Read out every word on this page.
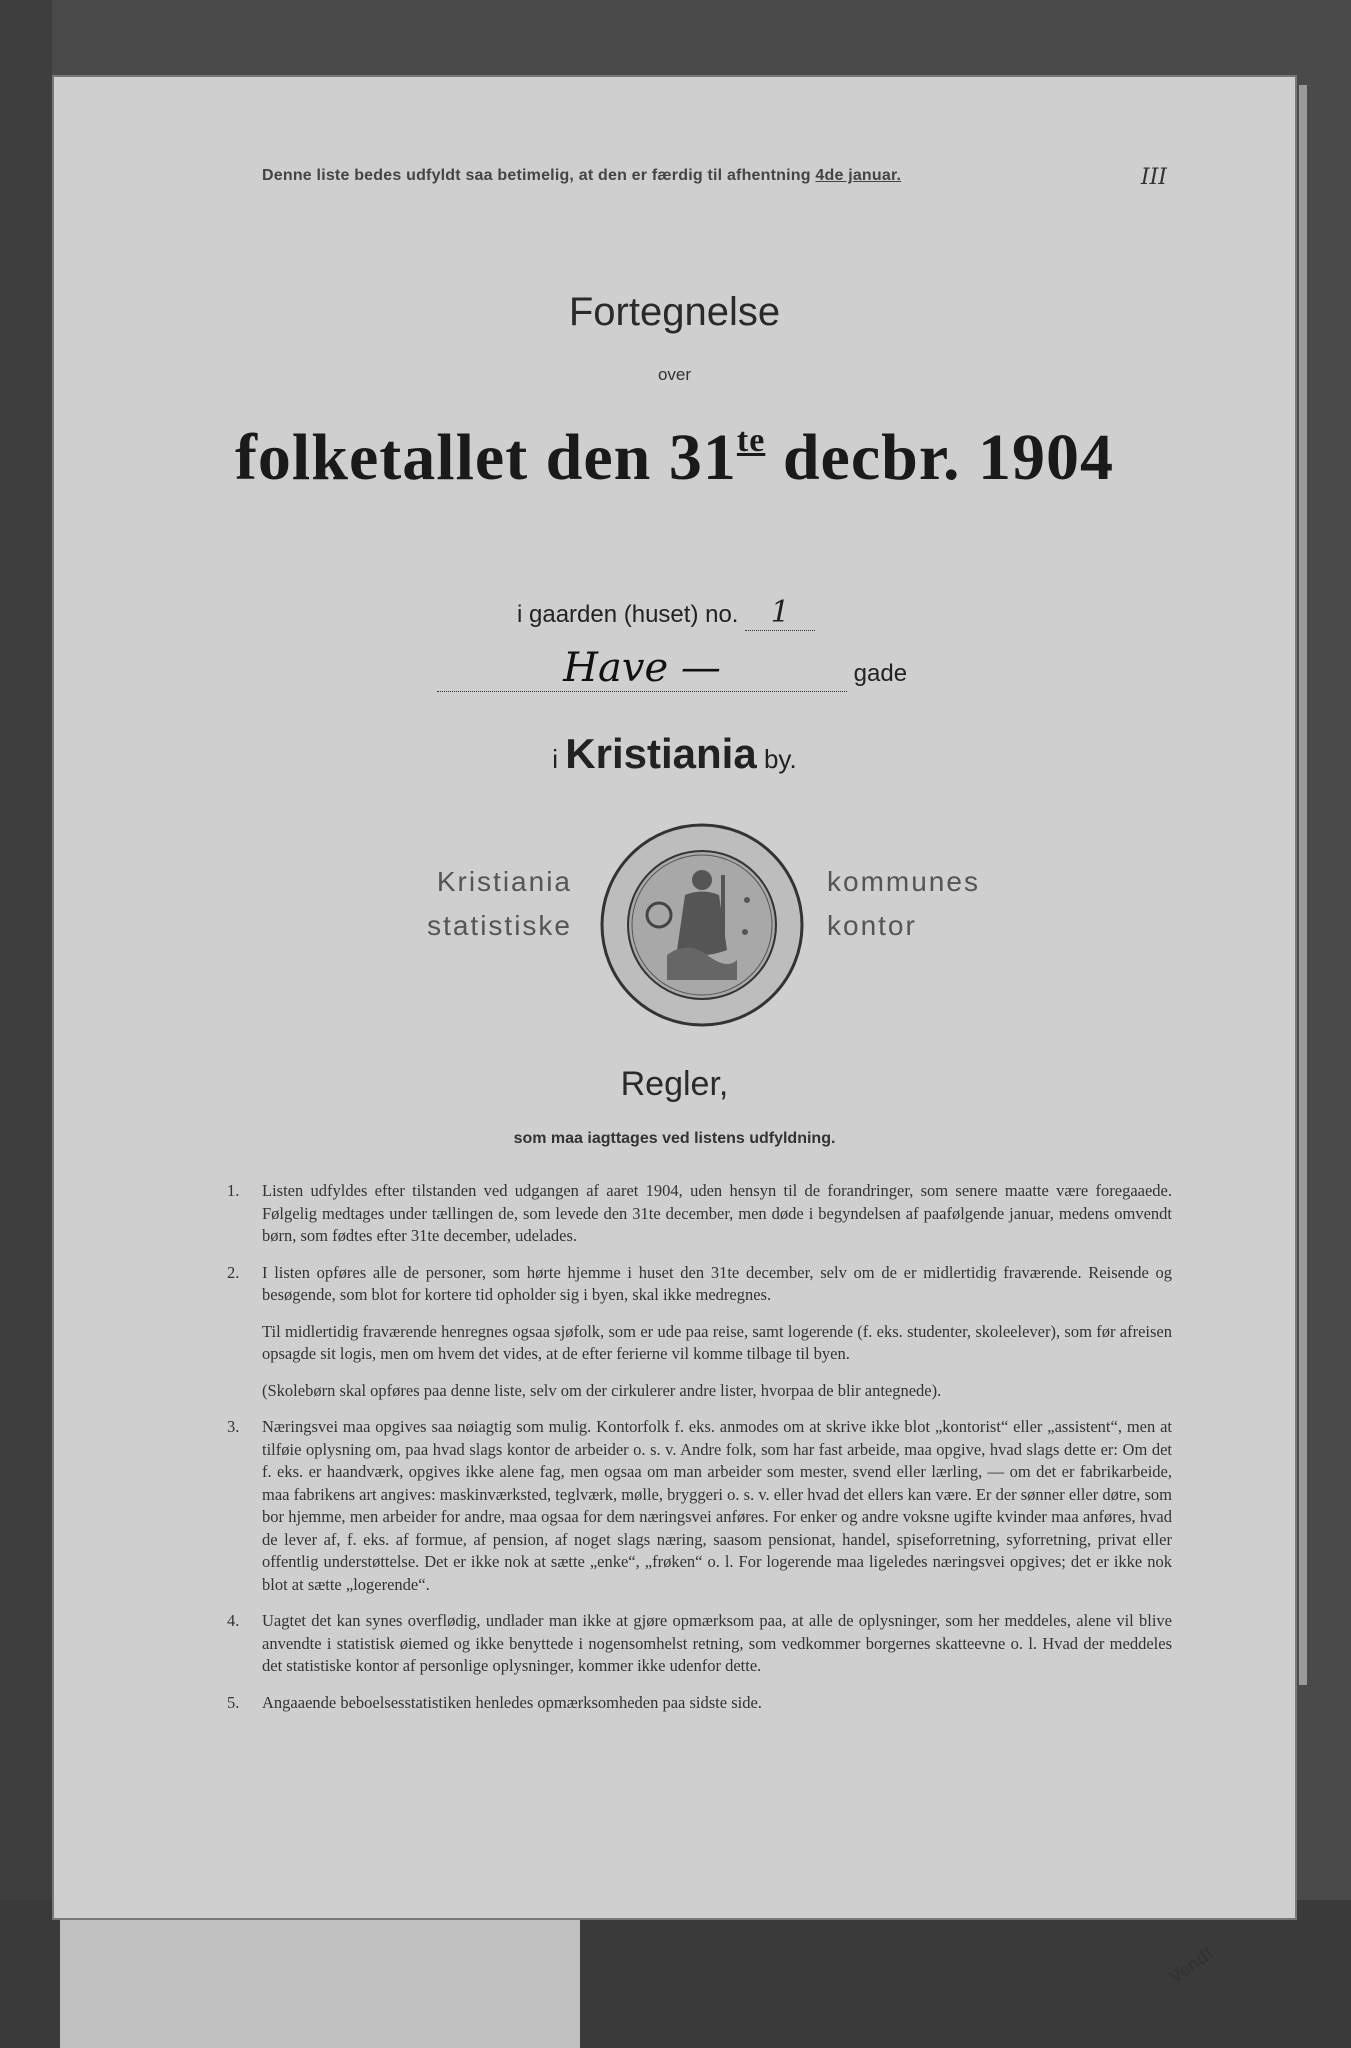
Denne liste bedes udfyldt saa betimelig, at den er færdig til afhentning 4de januar.	III
Fortegnelse
over
folketallet den $31^{te}$ decbr. 1904
i gaarden (huset) no. 1
Have —	gade
i Kristiania by.
Kristiania
statistiske
kommunes
kontor
Regler,
som maa iagttages ved listens udfyldning.
1. Listen udfyldes efter tilstanden ved udgangen af aaret 1904, uden hensyn til de forandringer, som senere maatte være foregaaede. Følgelig medtages under tællingen de, som levede den 31te december, men døde i begyndelsen af paafølgende januar, medens omvendt børn, som fødtes efter 31te december, udelades.

2. I listen opføres alle de personer, som hørte hjemme i huset den 31te december, selv om de er midlertidig fraværende. Reisende og besøgende, som blot for kortere tid opholder sig i byen, skal ikke medregnes.

Til midlertidig fraværende henregnes ogsaa sjøfolk, som er ude paa reise, samt logerende (f. eks. studenter, skoleelever), som før afreisen opsagde sit logis, men om hvem det vides, at de efter ferierne vil komme tilbage til byen.

(Skolebørn skal opføres paa denne liste, selv om der cirkulerer andre lister, hvorpaa de blir antegnede).

3. Næringsvei maa opgives saa nøiagtig som mulig. Kontorfolk f. eks. anmodes om at skrive ikke blot „kontorist“ eller „assistent“, men at tilføie oplysning om, paa hvad slags kontor de arbeider o. s. v. Andre folk, som har fast arbeide, maa opgive, hvad slags dette er: Om det f. eks. er haandværk, opgives ikke alene fag, men ogsaa om man arbeider som mester, svend eller lærling, — om det er fabrikarbeide, maa fabrikens art angives: maskinværksted, teglværk, mølle, bryggeri o. s. v. eller hvad det ellers kan være. Er der sønner eller døtre, som bor hjemme, men arbeider for andre, maa ogsaa for dem næringsvei anføres. For enker og andre voksne ugifte kvinder maa anføres, hvad de lever af, f. eks. af formue, af pension, af noget slags næring, saasom pensionat, handel, spiseforretning, syforretning, privat eller offentlig understøttelse. Det er ikke nok at sætte „enke“, „frøken“ o. l. For logerende maa ligeledes næringsvei opgives; det er ikke nok blot at sætte „logerende“.

4. Uagtet det kan synes overflødig, undlader man ikke at gjøre opmærksom paa, at alle de oplysninger, som her meddeles, alene vil blive anvendte i statistisk øiemed og ikke benyttede i nogensomhelst retning, som vedkommer borgernes skatteevne o. l. Hvad der meddeles det statistiske kontor af personlige oplysninger, kommer ikke udenfor dette.

5. Angaaende beboelsesstatistiken henledes opmærksomheden paa sidste side.

Vend!
